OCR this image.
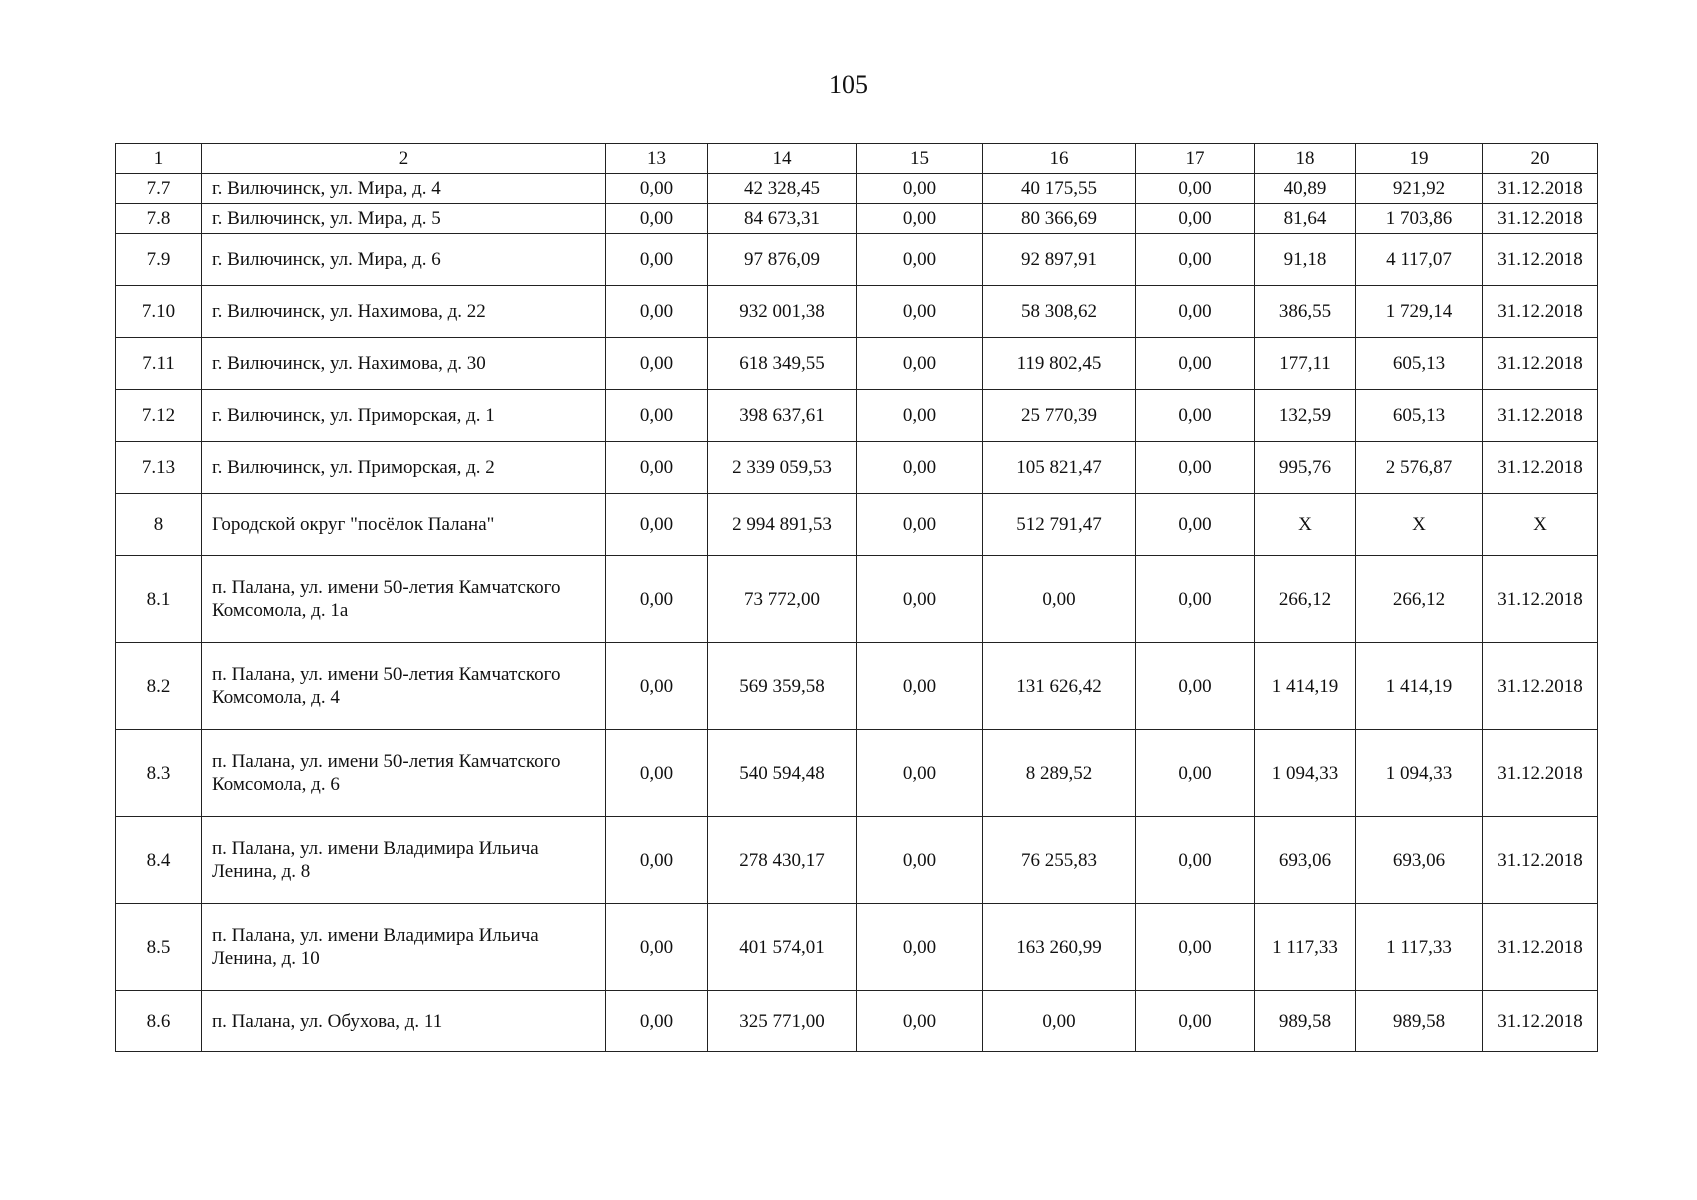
105
1	2	13	14	15	16	17	18	19	20
7.7	г. Вилючинск, ул. Мира, д. 4	0,00	42 328,45	0,00	40 175,55	0,00	40,89	921,92	31.12.2018
7.8	г. Вилючинск, ул. Мира, д. 5	0,00	84 673,31	0,00	80 366,69	0,00	81,64	1 703,86	31.12.2018
7.9	г. Вилючинск, ул. Мира, д. 6	0,00	97 876,09	0,00	92 897,91	0,00	91,18	4 117,07	31.12.2018
7.10	г. Вилючинск, ул. Нахимова, д. 22	0,00	932 001,38	0,00	58 308,62	0,00	386,55	1 729,14	31.12.2018
7.11	г. Вилючинск, ул. Нахимова, д. 30	0,00	618 349,55	0,00	119 802,45	0,00	177,11	605,13	31.12.2018
7.12	г. Вилючинск, ул. Приморская, д. 1	0,00	398 637,61	0,00	25 770,39	0,00	132,59	605,13	31.12.2018
7.13	г. Вилючинск, ул. Приморская, д. 2	0,00	2 339 059,53	0,00	105 821,47	0,00	995,76	2 576,87	31.12.2018
8	Городской округ "посёлок Палана"	0,00	2 994 891,53	0,00	512 791,47	0,00	Х	Х	Х
8.1	п. Палана, ул. имени 50-летия Камчатского Комсомола, д. 1а	0,00	73 772,00	0,00	0,00	0,00	266,12	266,12	31.12.2018
8.2	п. Палана, ул. имени 50-летия Камчатского Комсомола, д. 4	0,00	569 359,58	0,00	131 626,42	0,00	1 414,19	1 414,19	31.12.2018
8.3	п. Палана, ул. имени 50-летия Камчатского Комсомола, д. 6	0,00	540 594,48	0,00	8 289,52	0,00	1 094,33	1 094,33	31.12.2018
8.4	п. Палана, ул. имени Владимира Ильича Ленина, д. 8	0,00	278 430,17	0,00	76 255,83	0,00	693,06	693,06	31.12.2018
8.5	п. Палана, ул. имени Владимира Ильича Ленина, д. 10	0,00	401 574,01	0,00	163 260,99	0,00	1 117,33	1 117,33	31.12.2018
8.6	п. Палана, ул. Обухова, д. 11	0,00	325 771,00	0,00	0,00	0,00	989,58	989,58	31.12.2018
